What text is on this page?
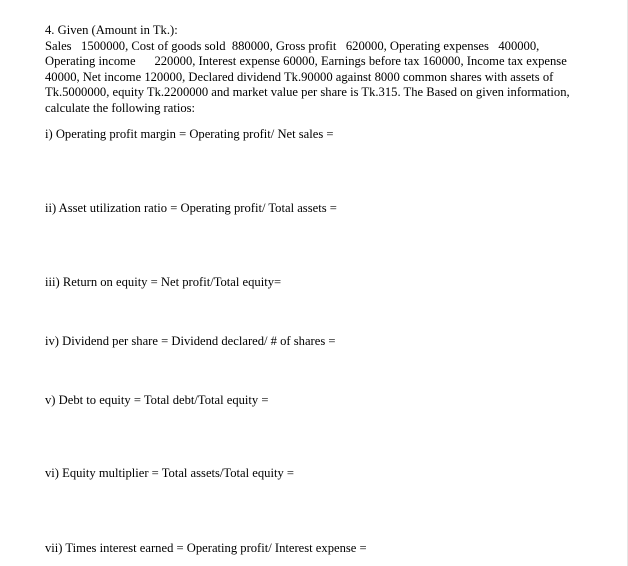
4. Given (Amount in Tk.):
Sales   1500000, Cost of goods sold  880000, Gross profit   620000, Operating expenses   400000,
Operating income      220000, Interest expense 60000, Earnings before tax 160000, Income tax expense
40000, Net income 120000, Declared dividend Tk.90000 against 8000 common shares with assets of
Tk.5000000, equity Tk.2200000 and market value per share is Tk.315. The Based on given information,
calculate the following ratios:
i) Operating profit margin = Operating profit/ Net sales =
ii) Asset utilization ratio = Operating profit/ Total assets =
iii) Return on equity = Net profit/Total equity=
iv) Dividend per share = Dividend declared/ # of shares =
v) Debt to equity = Total debt/Total equity =
vi) Equity multiplier = Total assets/Total equity =
vii) Times interest earned = Operating profit/ Interest expense =
